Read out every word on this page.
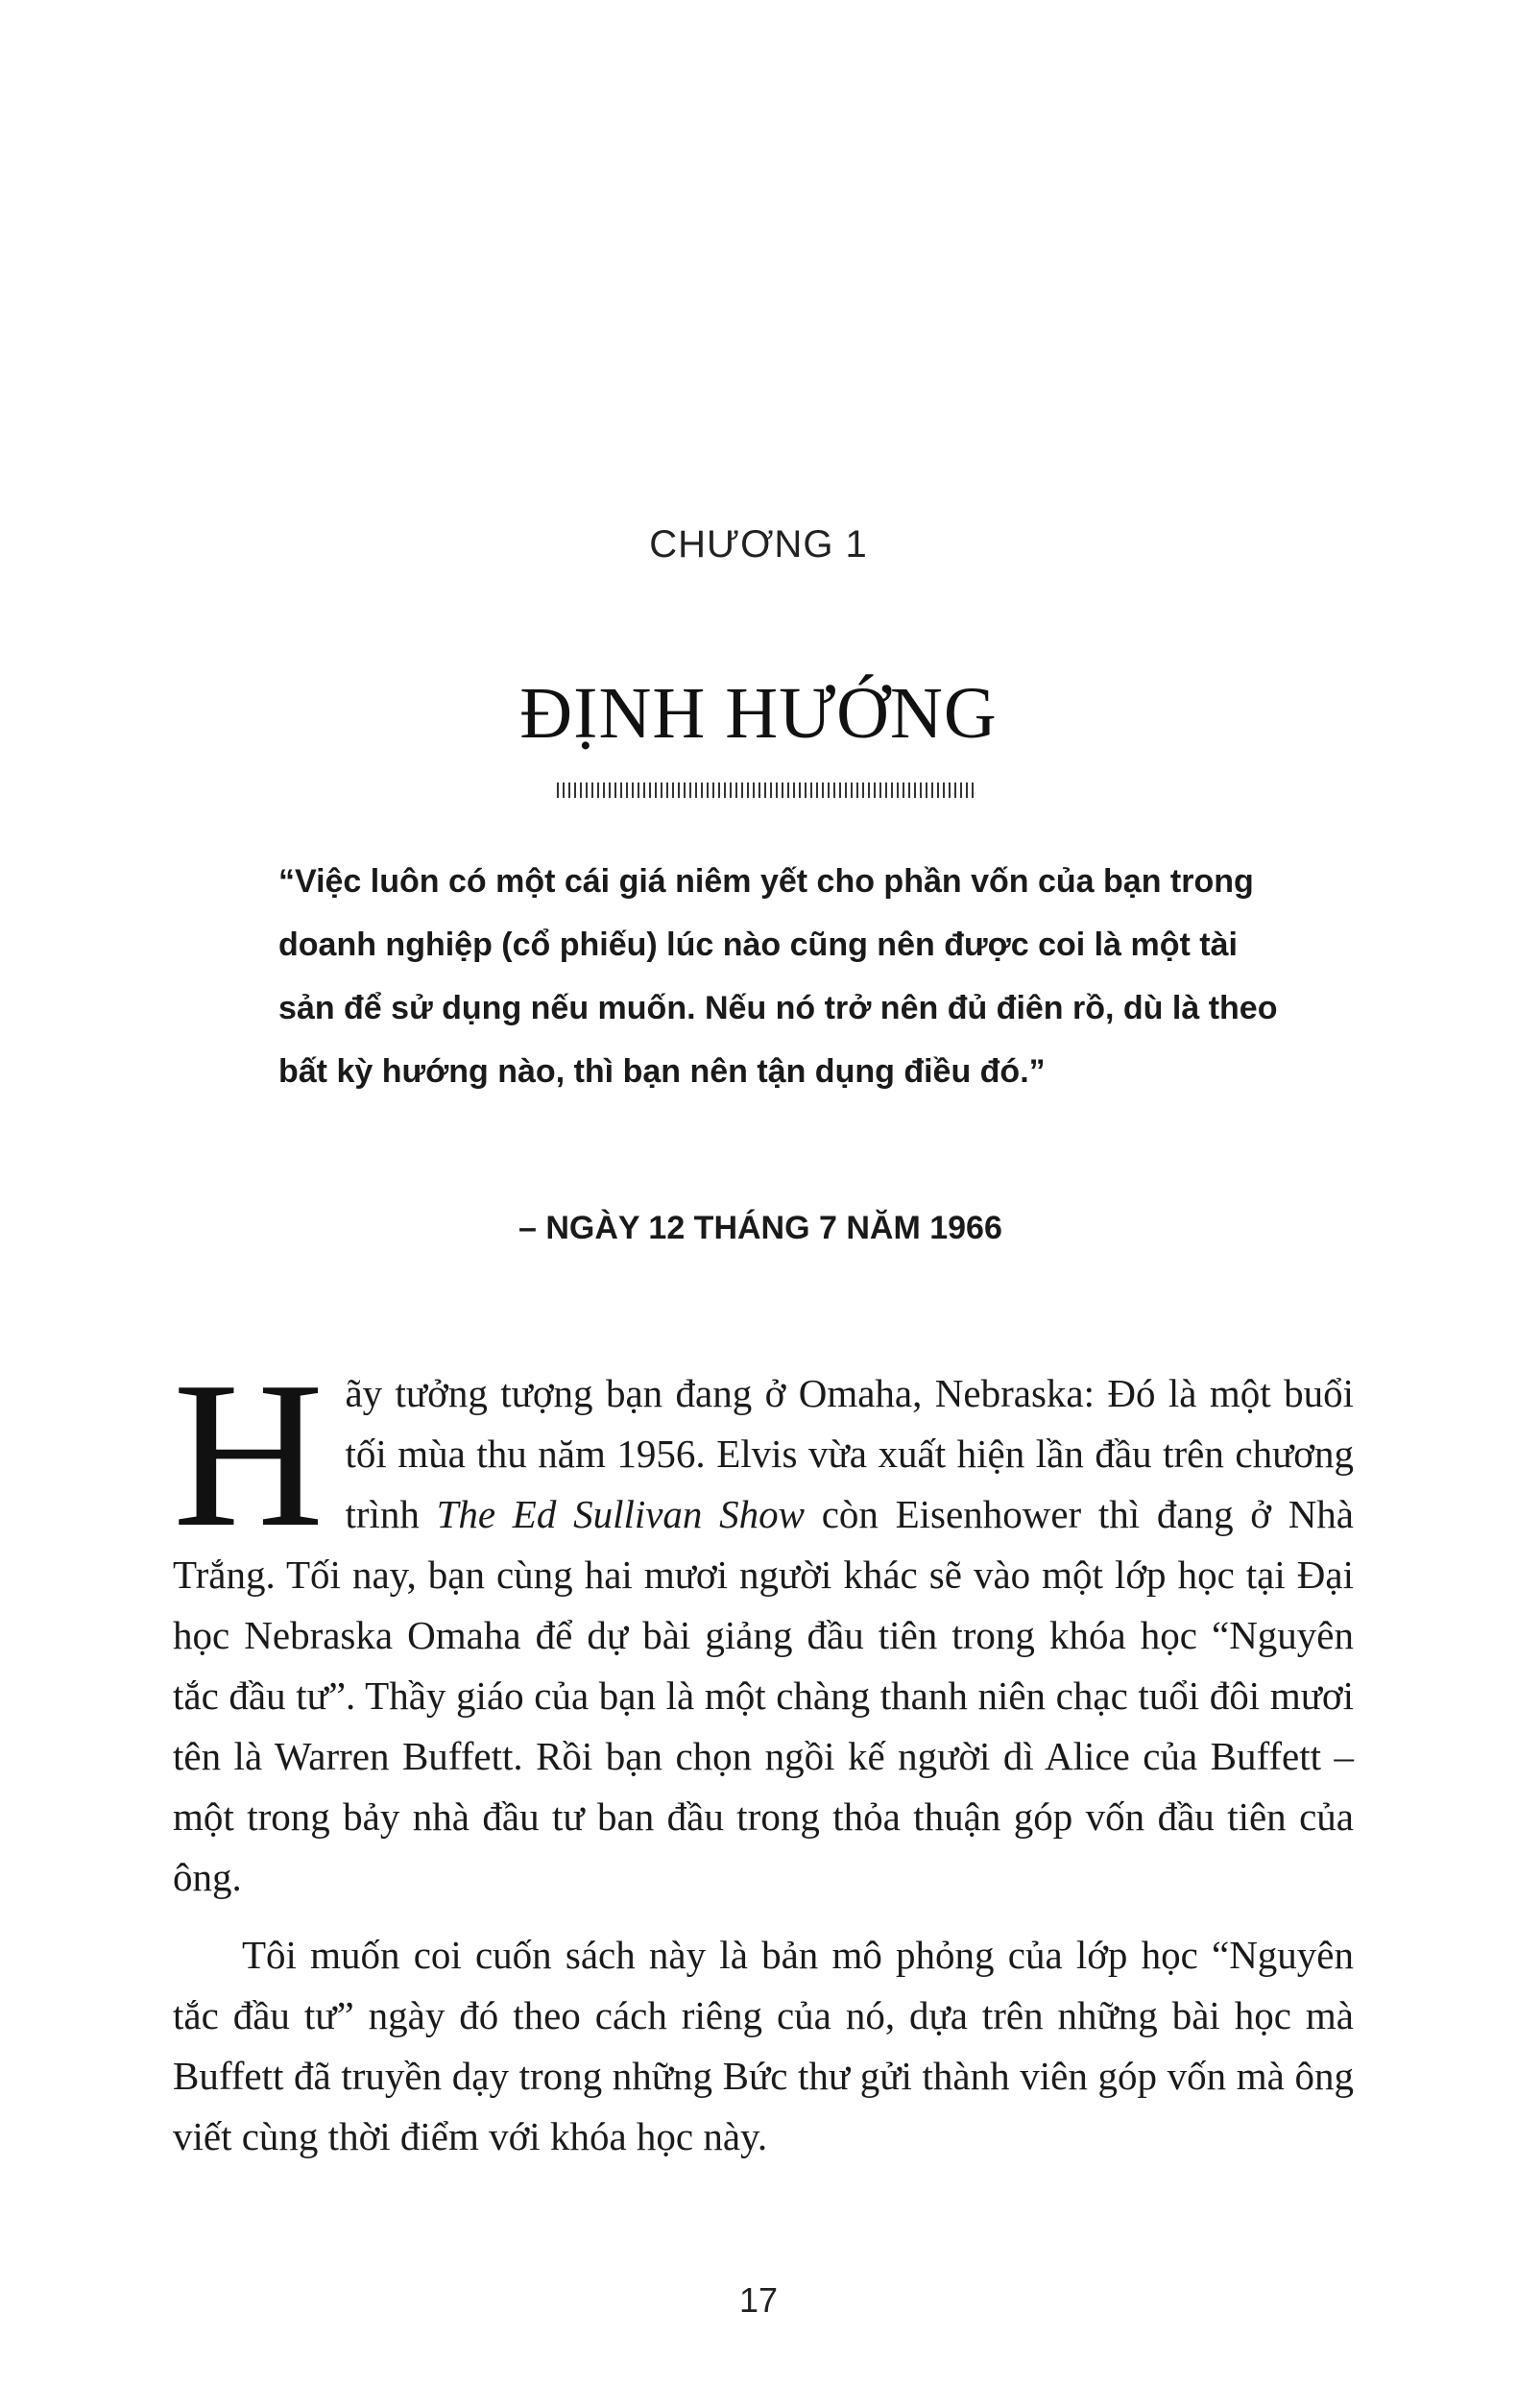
CHƯƠNG 1
ĐỊNH HƯỚNG

“Việc luôn có một cái giá niêm yết cho phần vốn của bạn trong doanh nghiệp (cổ phiếu) lúc nào cũng nên được coi là một tài sản để sử dụng nếu muốn. Nếu nó trở nên đủ điên rồ, dù là theo bất kỳ hướng nào, thì bạn nên tận dụng điều đó.”

– NGÀY 12 THÁNG 7 NĂM 1966

Hãy tưởng tượng bạn đang ở Omaha, Nebraska: Đó là một buổi tối mùa thu năm 1956. Elvis vừa xuất hiện lần đầu trên chương trình The Ed Sullivan Show còn Eisenhower thì đang ở Nhà Trắng. Tối nay, bạn cùng hai mươi người khác sẽ vào một lớp học tại Đại học Nebraska Omaha để dự bài giảng đầu tiên trong khóa học “Nguyên tắc đầu tư”. Thầy giáo của bạn là một chàng thanh niên chạc tuổi đôi mươi tên là Warren Buffett. Rồi bạn chọn ngồi kế người dì Alice của Buffett – một trong bảy nhà đầu tư ban đầu trong thỏa thuận góp vốn đầu tiên của ông.

Tôi muốn coi cuốn sách này là bản mô phỏng của lớp học “Nguyên tắc đầu tư” ngày đó theo cách riêng của nó, dựa trên những bài học mà Buffett đã truyền dạy trong những Bức thư gửi thành viên góp vốn mà ông viết cùng thời điểm với khóa học này.

17
